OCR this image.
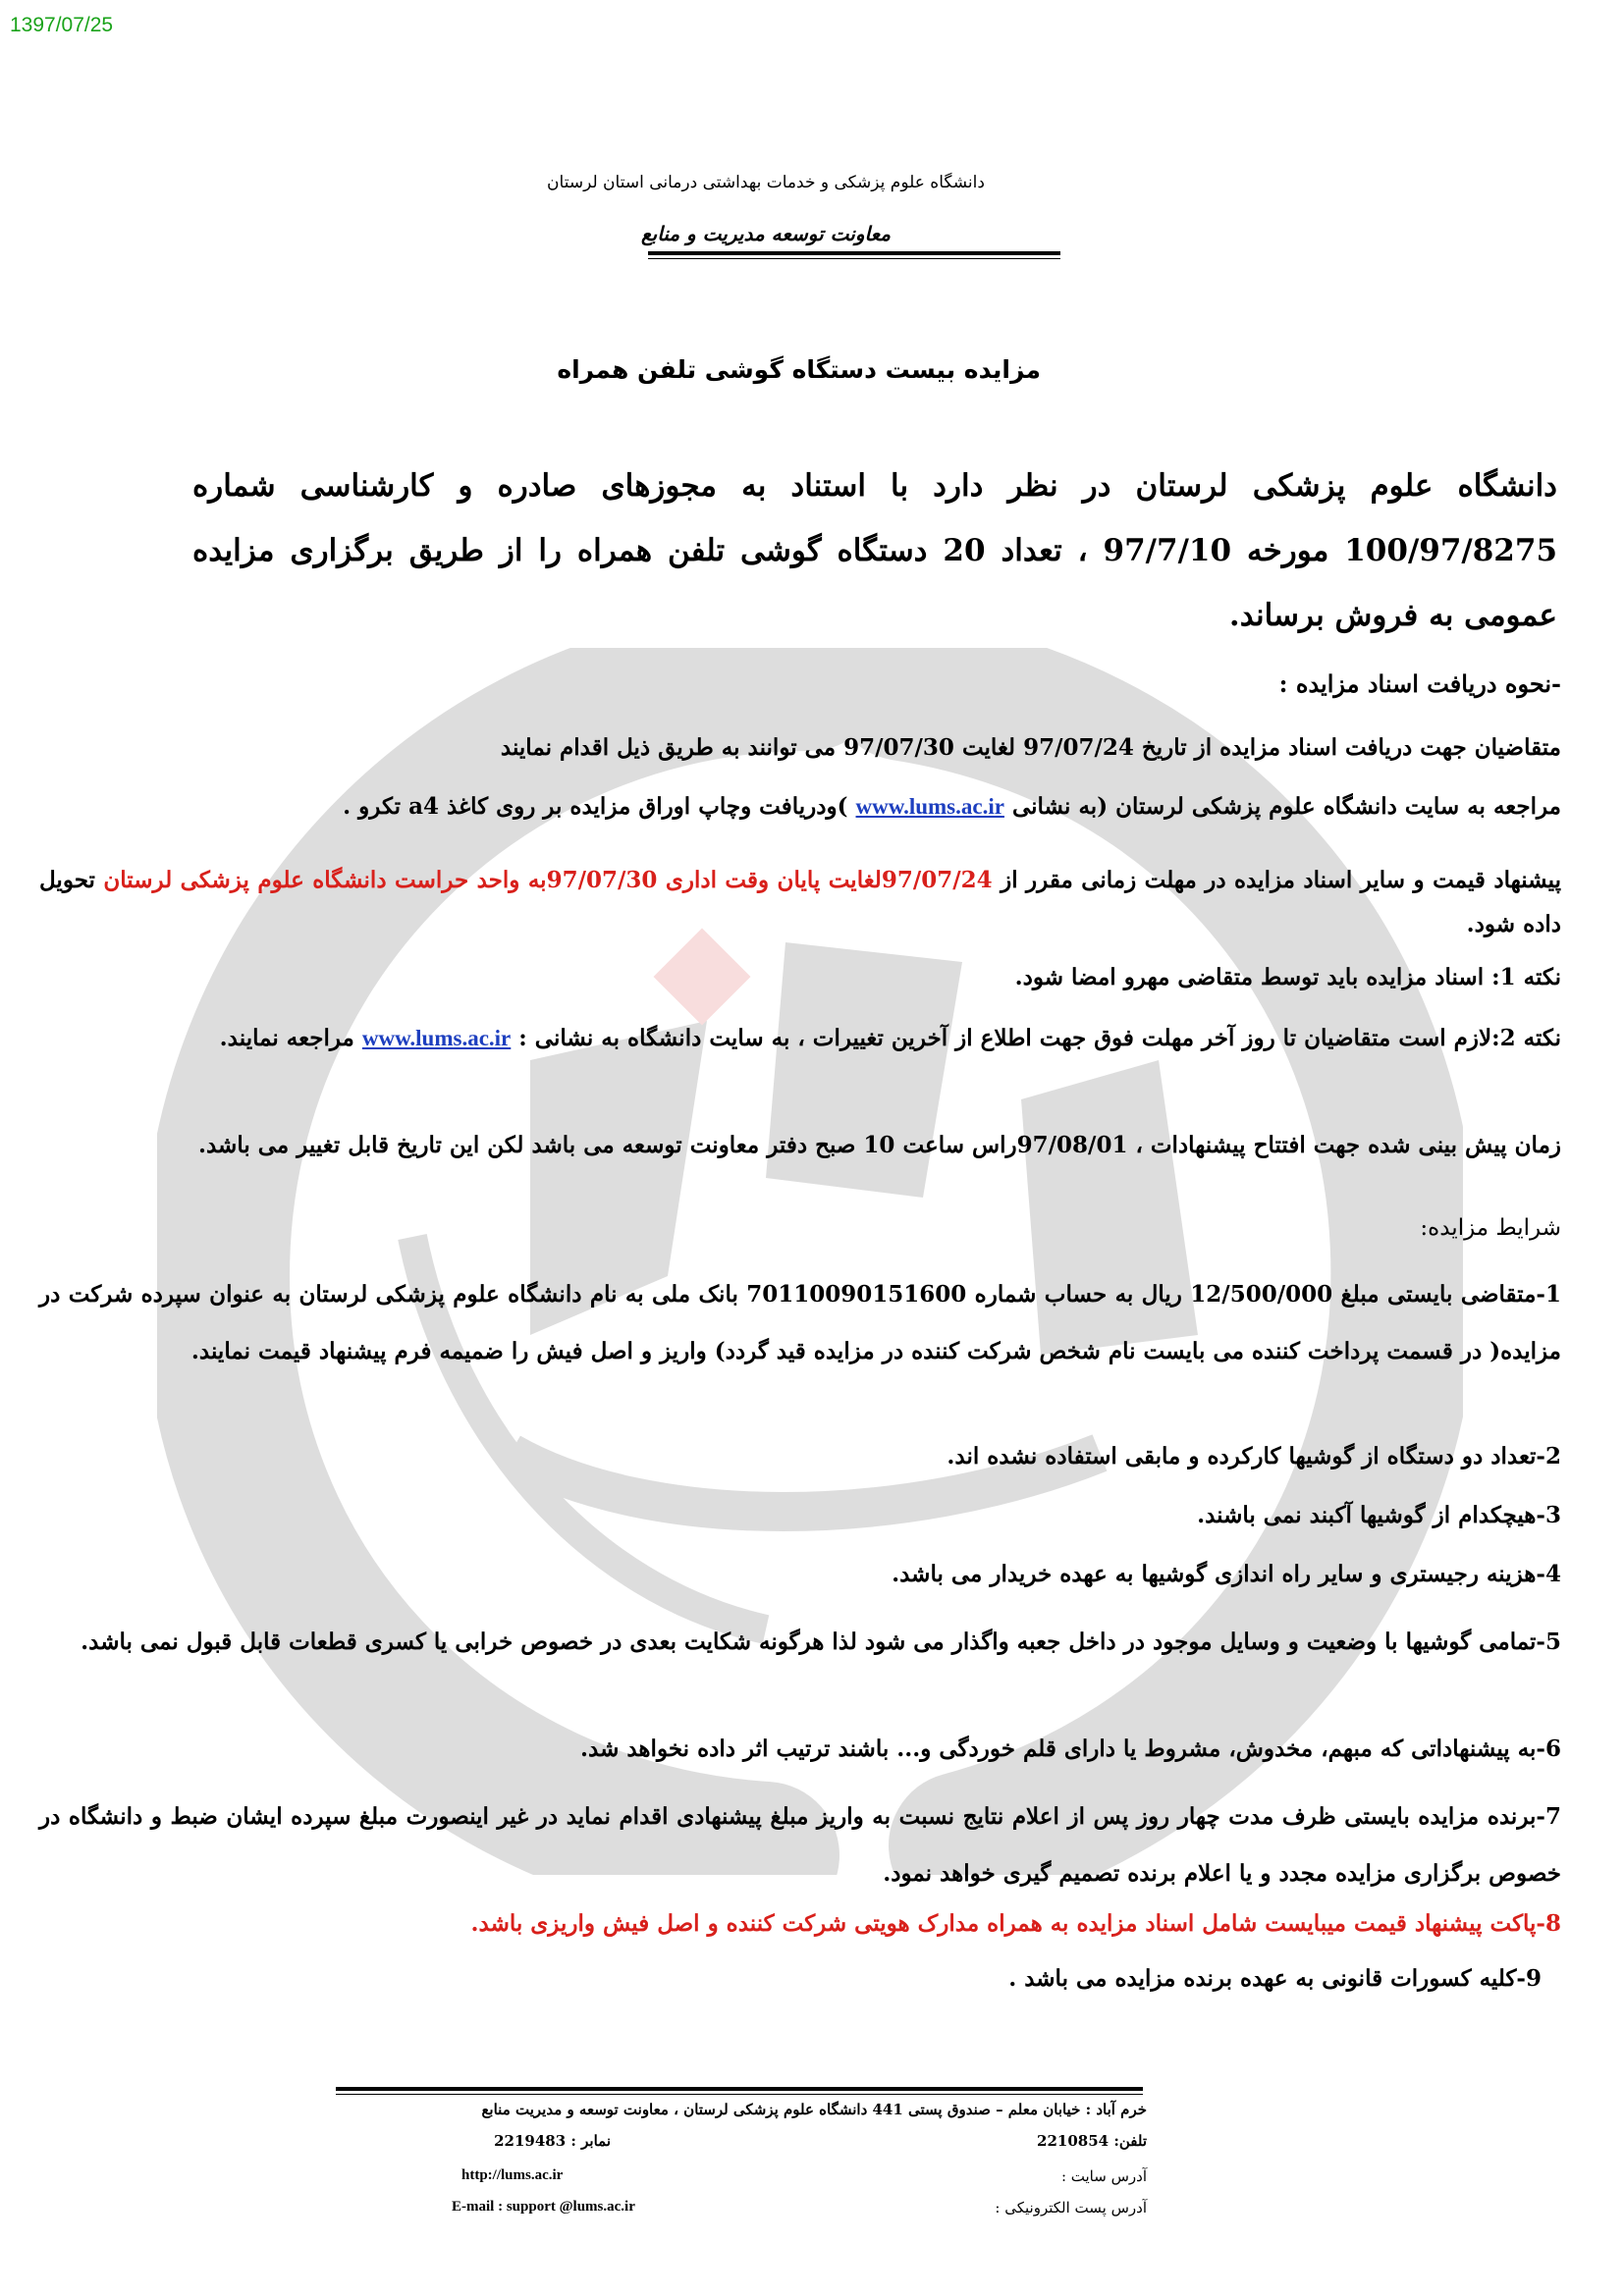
1397/07/25
دانشگاه علوم پزشکی و خدمات بهداشتی درمانی استان لرستان
معاونت توسعه مدیریت و منابع
مزایده بیست دستگاه گوشی تلفن همراه
دانشگاه علوم پزشکی لرستان در نظر دارد با استناد به مجوزهای صادره و کارشناسی شماره 100/97/8275 مورخه 97/7/10 ، تعداد 20 دستگاه گوشی تلفن همراه را از طریق برگزاری مزایده عمومی به فروش برساند.
-نحوه دریافت اسناد مزایده :
متقاضیان جهت دریافت اسناد مزایده از تاریخ 97/07/24 لغایت 97/07/30 می توانند به طریق ذیل اقدام نمایند
مراجعه به سایت دانشگاه علوم پزشکی لرستان (به نشانی www.lums.ac.ir )ودریافت وچاپ اوراق مزایده بر روی کاغذ a4 تکرو .
پیشنهاد قیمت و سایر اسناد مزایده در مهلت زمانی مقرر از 97/07/24لغایت پایان وقت اداری 97/07/30به واحد حراست دانشگاه علوم پزشکی لرستان تحویل داده شود.
نکته 1: اسناد مزایده باید توسط متقاضی مهرو امضا شود.
نکته 2:لازم است متقاضیان تا روز آخر مهلت فوق جهت اطلاع از آخرین تغییرات ، به سایت دانشگاه به نشانی : www.lums.ac.ir مراجعه نمایند.
زمان پیش بینی شده جهت افتتاح پیشنهادات ، 97/08/01راس ساعت 10 صبح دفتر معاونت توسعه می باشد لکن این تاریخ قابل تغییر می باشد.
شرایط مزایده:
1-متقاضی بایستی مبلغ 12/500/000 ریال به حساب شماره 0110090151600‏7 بانک ملی به نام دانشگاه علوم پزشکی لرستان به عنوان سپرده شرکت در مزایده( در قسمت پرداخت کننده می بایست نام شخص شرکت کننده در مزایده قید گردد) واریز و اصل فیش را ضمیمه فرم پیشنهاد قیمت نمایند.
2-تعداد دو دستگاه از گوشیها کارکرده و مابقی استفاده نشده اند.
3-هیچکدام از گوشیها آکبند نمی باشند.
4-هزینه رجیستری و سایر راه اندازی گوشیها به عهده خریدار می باشد.
5-تمامی گوشیها با وضعیت و وسایل موجود در داخل جعبه واگذار می شود لذا هرگونه شکایت بعدی در خصوص خرابی یا کسری قطعات قابل قبول نمی باشد.
6-به پیشنهاداتی که مبهم، مخدوش، مشروط یا دارای قلم خوردگی و... باشند ترتیب اثر داده نخواهد شد.
7-برنده مزایده بایستی ظرف مدت چهار روز پس از اعلام نتایج نسبت به واریز مبلغ پیشنهادی اقدام نماید در غیر اینصورت مبلغ سپرده ایشان ضبط و دانشگاه در خصوص برگزاری مزایده مجدد و یا اعلام برنده تصمیم گیری خواهد نمود.
8-پاکت پیشنهاد قیمت میبایست شامل اسناد مزایده به همراه مدارک هویتی شرکت کننده و اصل فیش واریزی باشد.
9-کلیه کسورات قانونی به عهده برنده مزایده می باشد .
خرم آباد : خیابان معلم – صندوق پستی 441 دانشگاه علوم پزشکی لرستان ، معاونت توسعه و مدیریت منابع
تلفن: 2210854
نمابر : 2219483
آدرس سایت :
http://lums.ac.ir
آدرس پست الکترونیکی :
E-mail : support @lums.ac.ir
